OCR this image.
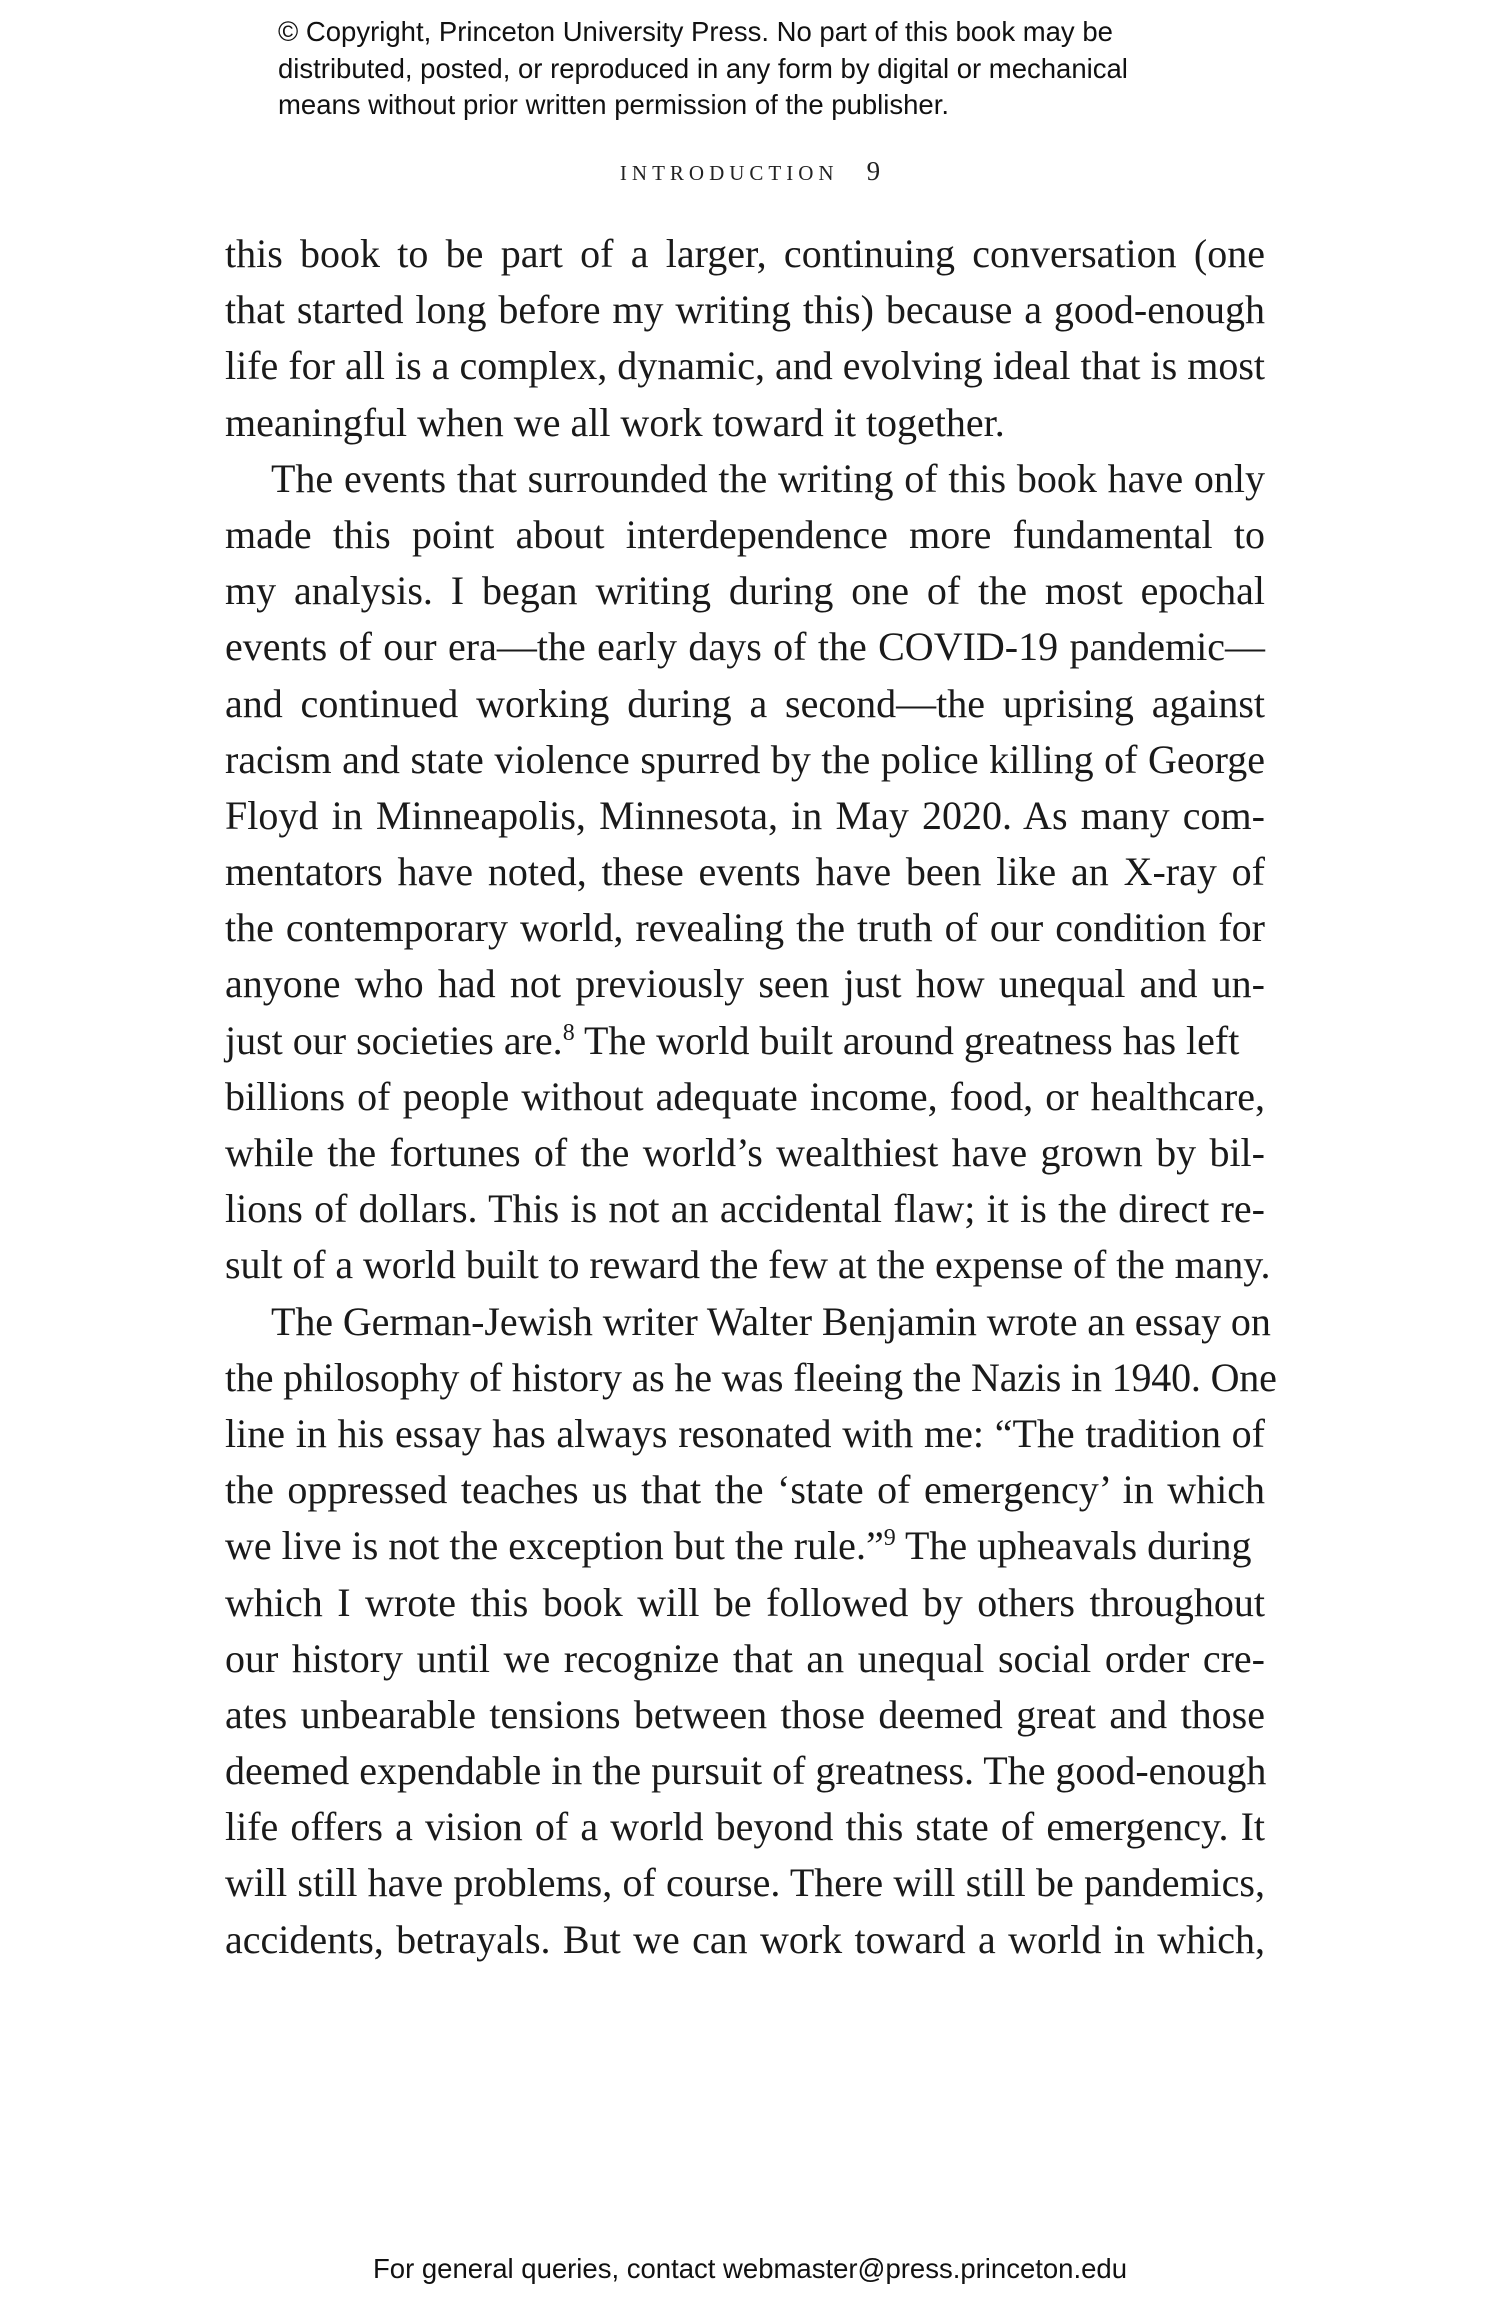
© Copyright, Princeton University Press. No part of this book may be
distributed, posted, or reproduced in any form by digital or mechanical
means without prior written permission of the publisher.
INTRODUCTION 9
this book to be part of a larger, continuing conversation (one
that started long before my writing this) because a good-enough
life for all is a complex, dynamic, and evolving ideal that is most
meaningful when we all work toward it together.
The events that surrounded the writing of this book have only
made this point about interdependence more fundamental to
my analysis. I began writing during one of the most epochal
events of our era—the early days of the COVID-19 pandemic—
and continued working during a second—the uprising against
racism and state violence spurred by the police killing of George
Floyd in Minneapolis, Minnesota, in May 2020. As many com-
mentators have noted, these events have been like an X-ray of
the contemporary world, revealing the truth of our condition for
anyone who had not previously seen just how unequal and un-
just our societies are.$^8$ The world built around greatness has left
billions of people without adequate income, food, or healthcare,
while the fortunes of the world’s wealthiest have grown by bil-
lions of dollars. This is not an accidental flaw; it is the direct re-
sult of a world built to reward the few at the expense of the many.
The German-Jewish writer Walter Benjamin wrote an essay on
the philosophy of history as he was fleeing the Nazis in 1940. One
line in his essay has always resonated with me: “The tradition of
the oppressed teaches us that the ‘state of emergency’ in which
we live is not the exception but the rule.”$^9$ The upheavals during
which I wrote this book will be followed by others throughout
our history until we recognize that an unequal social order cre-
ates unbearable tensions between those deemed great and those
deemed expendable in the pursuit of greatness. The good-enough
life offers a vision of a world beyond this state of emergency. It
will still have problems, of course. There will still be pandemics,
accidents, betrayals. But we can work toward a world in which,
For general queries, contact webmaster@press.princeton.edu
